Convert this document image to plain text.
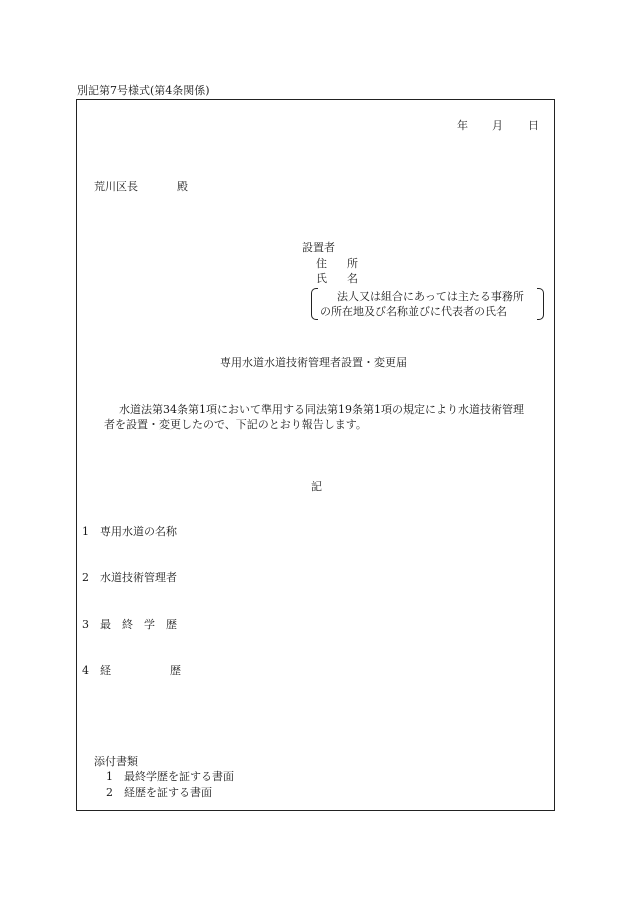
別記第7号様式(第4条関係)
年 月 日
荒川区長	殿
設置者
住 所
氏 名
法人又は組合にあっては主たる事務所
の所在地及び名称並びに代表者の氏名
専用水道水道技術管理者設置・変更届
水道法第34条第1項において準用する同法第19条第1項の規定により水道技術管理
者を設置・変更したので、下記のとおり報告します。
記
1 専用水道の名称
2 水道技術管理者
3 最　終　学　歴
4 経	歴
添付書類
1 最終学歴を証する書面
2 経歴を証する書面
